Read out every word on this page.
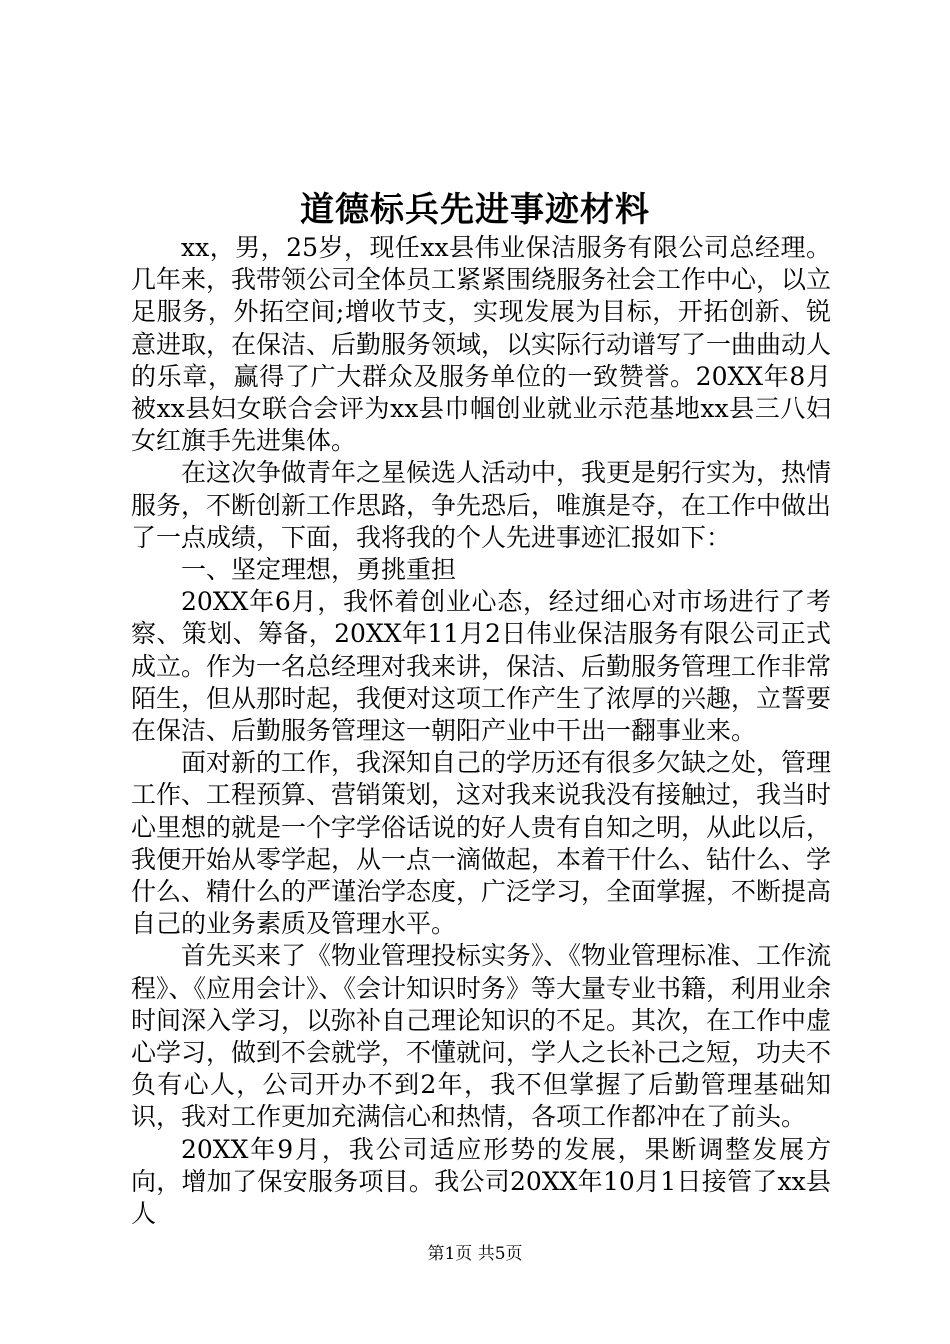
道德标兵先进事迹材料

xx，男，25岁，现任xx县伟业保洁服务有限公司总经理。几年来，我带领公司全体员工紧紧围绕服务社会工作中心，以立足服务，外拓空间;增收节支，实现发展为目标，开拓创新、锐意进取，在保洁、后勤服务领域，以实际行动谱写了一曲曲动人的乐章，赢得了广大群众及服务单位的一致赞誉。20XX年8月被xx县妇女联合会评为xx县巾帼创业就业示范基地xx县三八妇女红旗手先进集体。

在这次争做青年之星候选人活动中，我更是躬行实为，热情服务，不断创新工作思路，争先恐后，唯旗是夺，在工作中做出了一点成绩，下面，我将我的个人先进事迹汇报如下：

一、坚定理想，勇挑重担

20XX年6月，我怀着创业心态，经过细心对市场进行了考察、策划、筹备，20XX年11月2日伟业保洁服务有限公司正式成立。作为一名总经理对我来讲，保洁、后勤服务管理工作非常陌生，但从那时起，我便对这项工作产生了浓厚的兴趣，立誓要在保洁、后勤服务管理这一朝阳产业中干出一翻事业来。

面对新的工作，我深知自己的学历还有很多欠缺之处，管理工作、工程预算、营销策划，这对我来说我没有接触过，我当时心里想的就是一个字学俗话说的好人贵有自知之明，从此以后，我便开始从零学起，从一点一滴做起，本着干什么、钻什么、学什么、精什么的严谨治学态度，广泛学习，全面掌握，不断提高自己的业务素质及管理水平。

首先买来了《物业管理投标实务》、《物业管理标准、工作流程》、《应用会计》、《会计知识时务》等大量专业书籍，利用业余时间深入学习，以弥补自己理论知识的不足。其次，在工作中虚心学习，做到不会就学，不懂就问，学人之长补己之短，功夫不负有心人，公司开办不到2年，我不但掌握了后勤管理基础知识，我对工作更加充满信心和热情，各项工作都冲在了前头。

20XX年9月，我公司适应形势的发展，果断调整发展方向，增加了保安服务项目。我公司20XX年10月1日接管了xx县人

第1页 共5页
